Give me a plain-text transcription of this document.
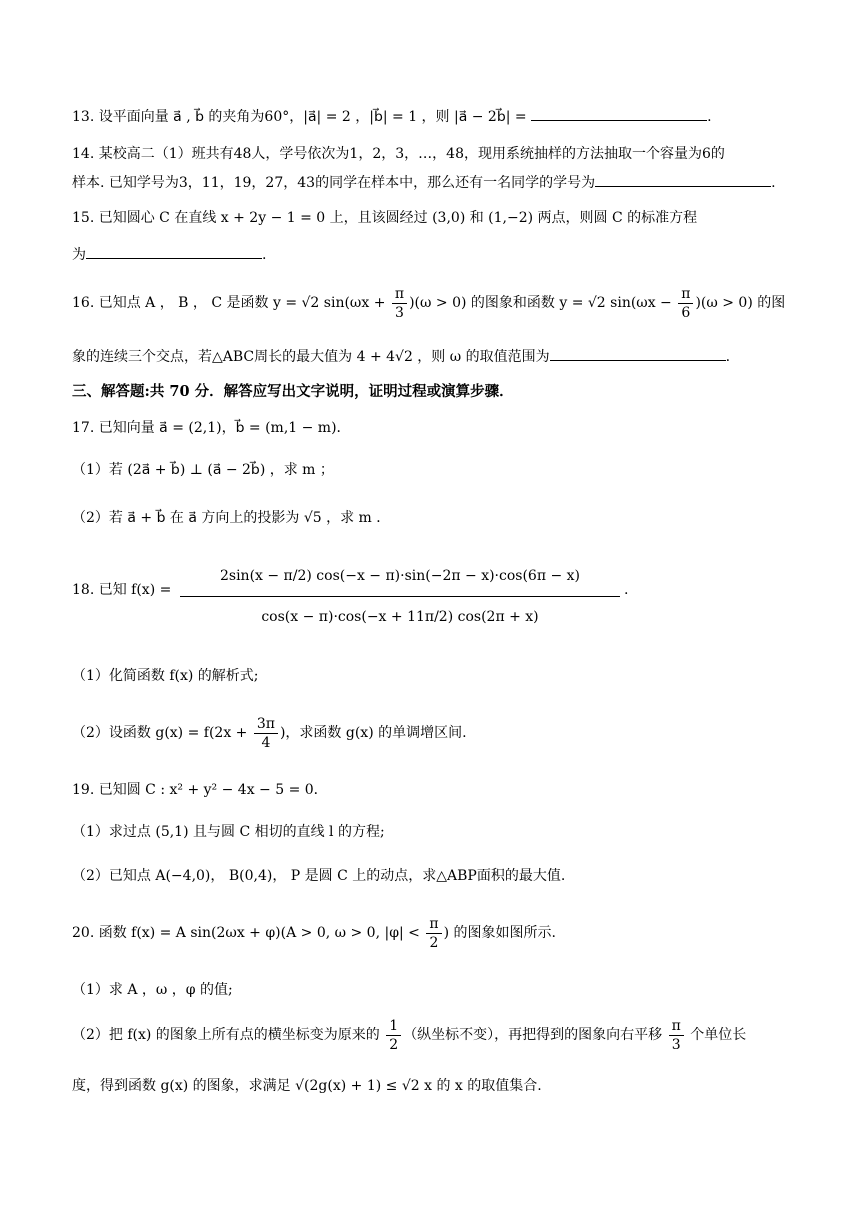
13. 设平面向量 a⃗ , b⃗ 的夹角为60°，|a⃗| = 2 ，|b⃗| = 1 ，则 |a⃗ − 2b⃗| =	.
14. 某校高二（1）班共有48人，学号依次为1，2，3，…，48，现用系统抽样的方法抽取一个容量为6的
样本. 已知学号为3，11，19，27，43的同学在样本中，那么还有一名同学的学号为	.
15. 已知圆心 C 在直线 x + 2y − 1 = 0 上，且该圆经过 (3,0) 和 (1,−2) 两点，则圆 C 的标准方程
为	.
16. 已知点 A ， B ， C 是函数 y = √2 $\sin(\omega x + \frac{\pi}{3} )(\omega > 0)$ 的图象和函数 y = √2 $\sin(\omega x - \frac{\pi}{6} )(\omega > 0)$ 的图
象的连续三个交点，若△ABC周长的最大值为 4 + 4√2 ，则 ω 的取值范围为	.
三、解答题:共 70 分．解答应写出文字说明，证明过程或演算步骤．
17. 已知向量 a⃗ = (2,1)，b⃗ = (m,1 − m)．
（1）若 (2a⃗ + b⃗) ⊥ (a⃗ − 2b⃗) ，求 m ；
（2）若 a⃗ + b⃗ 在 a⃗ 方向上的投影为 √5 ，求 m ．
18. 已知 $f(x) = \frac{2\sin(x - \pi/2) \cos(-x - \pi)\cdot\sin(-2\pi - x)\cdot\cos(6\pi - x)}{\cos(x - \pi)\cdot\cos(-x + 11\pi/2) \cos(2\pi + x)}$ .
（1）化简函数 f(x) 的解析式;
（2）设函数 $g(x) = f(2x + \frac{3\pi}{4}$ )，求函数 g(x) 的单调增区间.
19. 已知圆 C : x² + y² − 4x − 5 = 0．
（1）求过点 (5,1) 且与圆 C 相切的直线 l 的方程;
（2）已知点 A(−4,0)， B(0,4)， P 是圆 C 上的动点，求△ABP面积的最大值.
20. 函数 f(x) = A sin(2ωx + φ)(A > 0, ω > 0, $|\varphi| < \frac{\pi}{2}$ ) 的图象如图所示.
（1）求 A ，ω ，φ 的值;
（2）把 f(x) 的图象上所有点的横坐标变为原来的 $\frac{1}{2}$ （纵坐标不变），再把得到的图象向右平移 $\frac{\pi}{3}$ 个单位长
度，得到函数 g(x) 的图象，求满足 √(2g(x) + 1) ≤ √2 x 的 x 的取值集合.
